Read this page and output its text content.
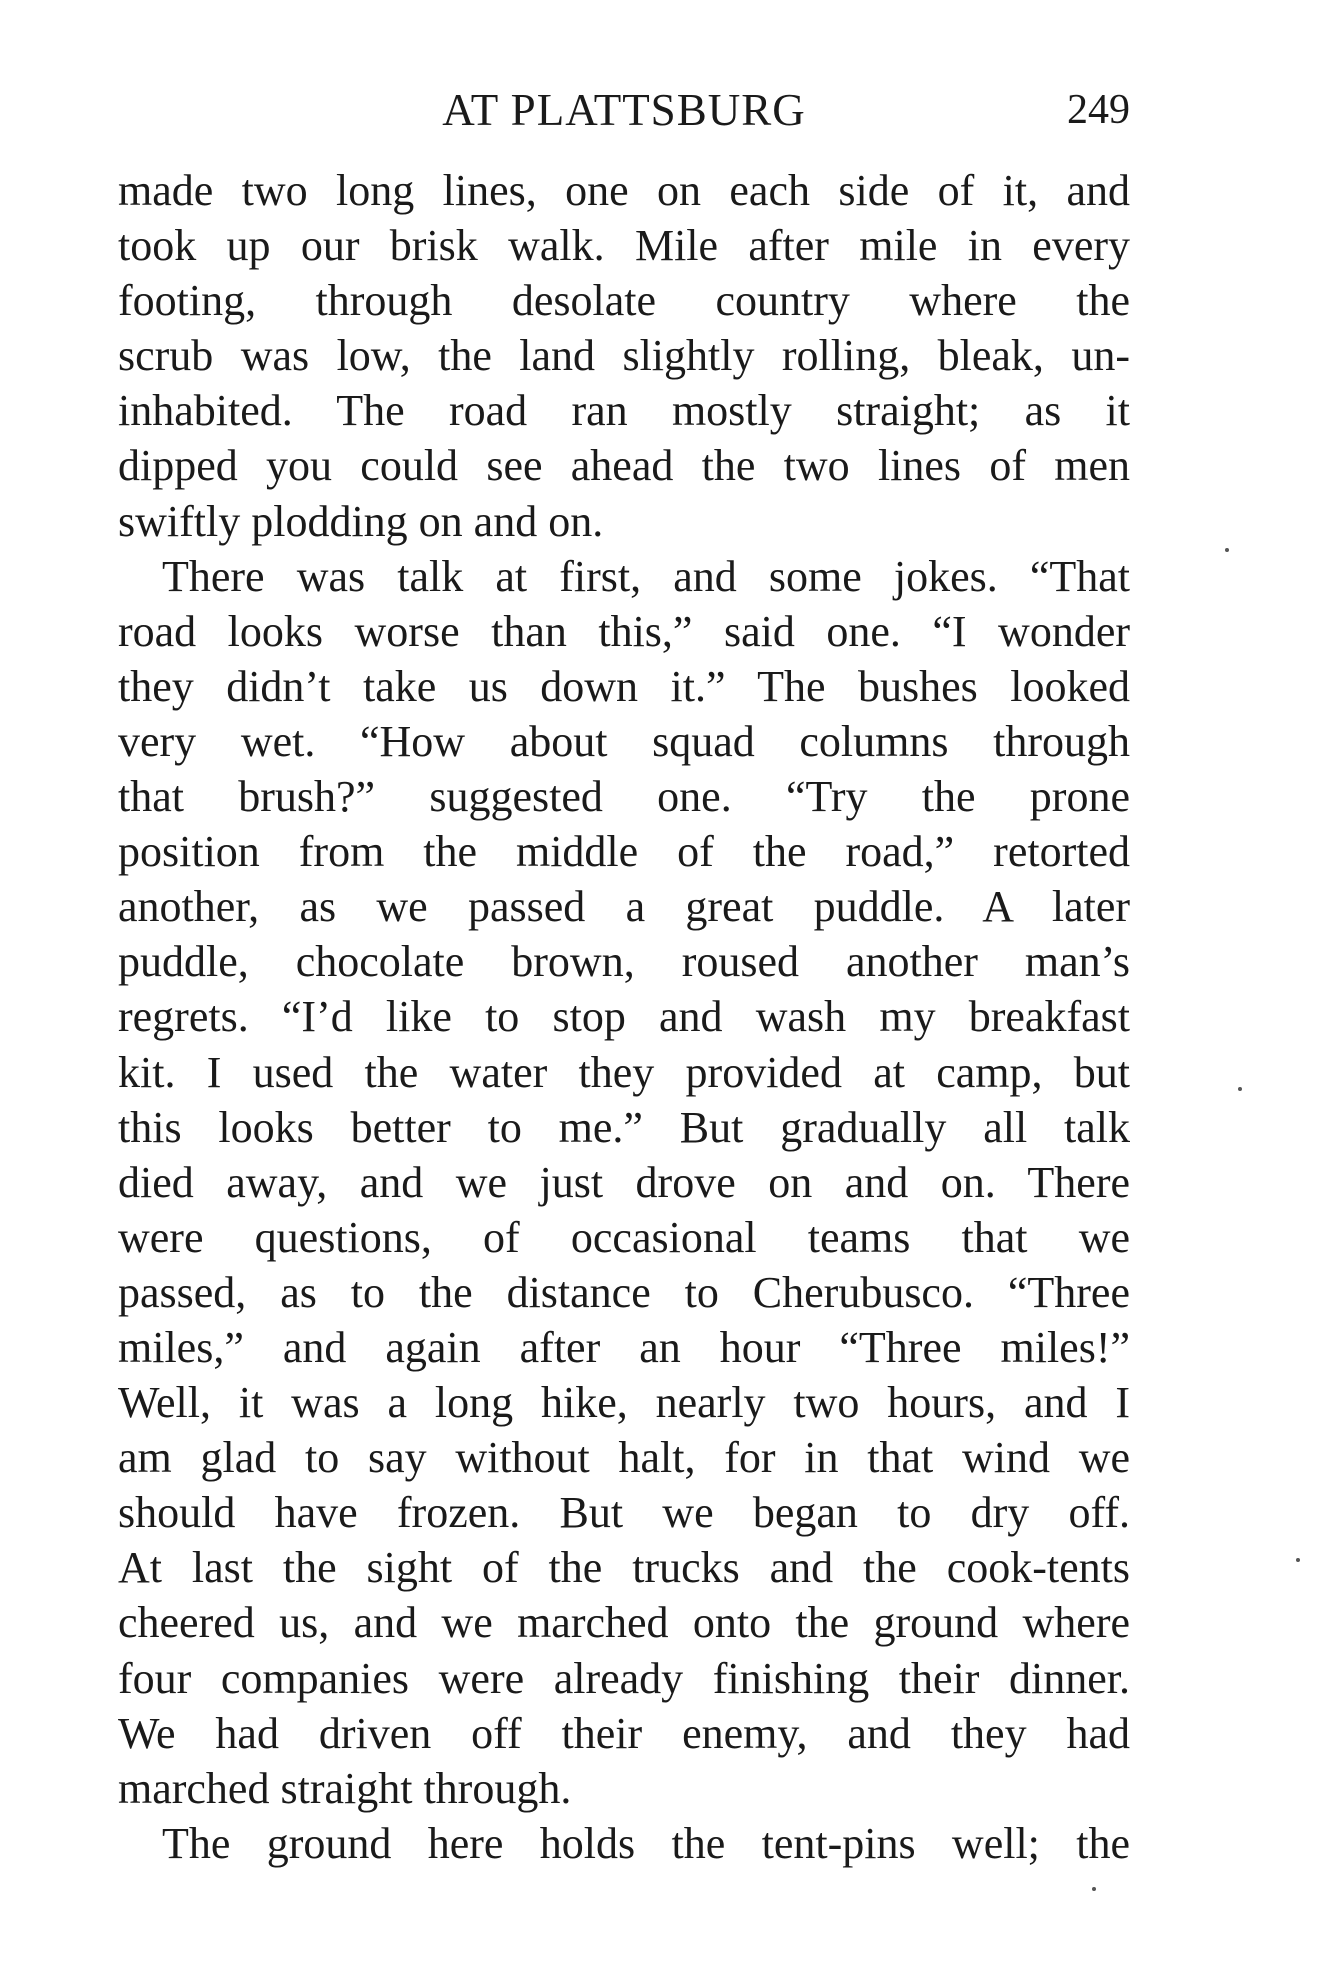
AT PLATTSBURG	249
made two long lines, one on each side of it, and
took up our brisk walk. Mile after mile in every
footing, through desolate country where the
scrub was low, the land slightly rolling, bleak, un-
inhabited. The road ran mostly straight; as it
dipped you could see ahead the two lines of men
swiftly plodding on and on.
There was talk at first, and some jokes. “That
road looks worse than this,” said one. “I wonder
they didn’t take us down it.” The bushes looked
very wet. “How about squad columns through
that brush?” suggested one. “Try the prone
position from the middle of the road,” retorted
another, as we passed a great puddle. A later
puddle, chocolate brown, roused another man’s
regrets. “I’d like to stop and wash my breakfast
kit. I used the water they provided at camp, but
this looks better to me.” But gradually all talk
died away, and we just drove on and on. There
were questions, of occasional teams that we
passed, as to the distance to Cherubusco. “Three
miles,” and again after an hour “Three miles!”
Well, it was a long hike, nearly two hours, and I
am glad to say without halt, for in that wind we
should have frozen. But we began to dry off.
At last the sight of the trucks and the cook-tents
cheered us, and we marched onto the ground where
four companies were already finishing their dinner.
We had driven off their enemy, and they had
marched straight through.
The ground here holds the tent-pins well; the
